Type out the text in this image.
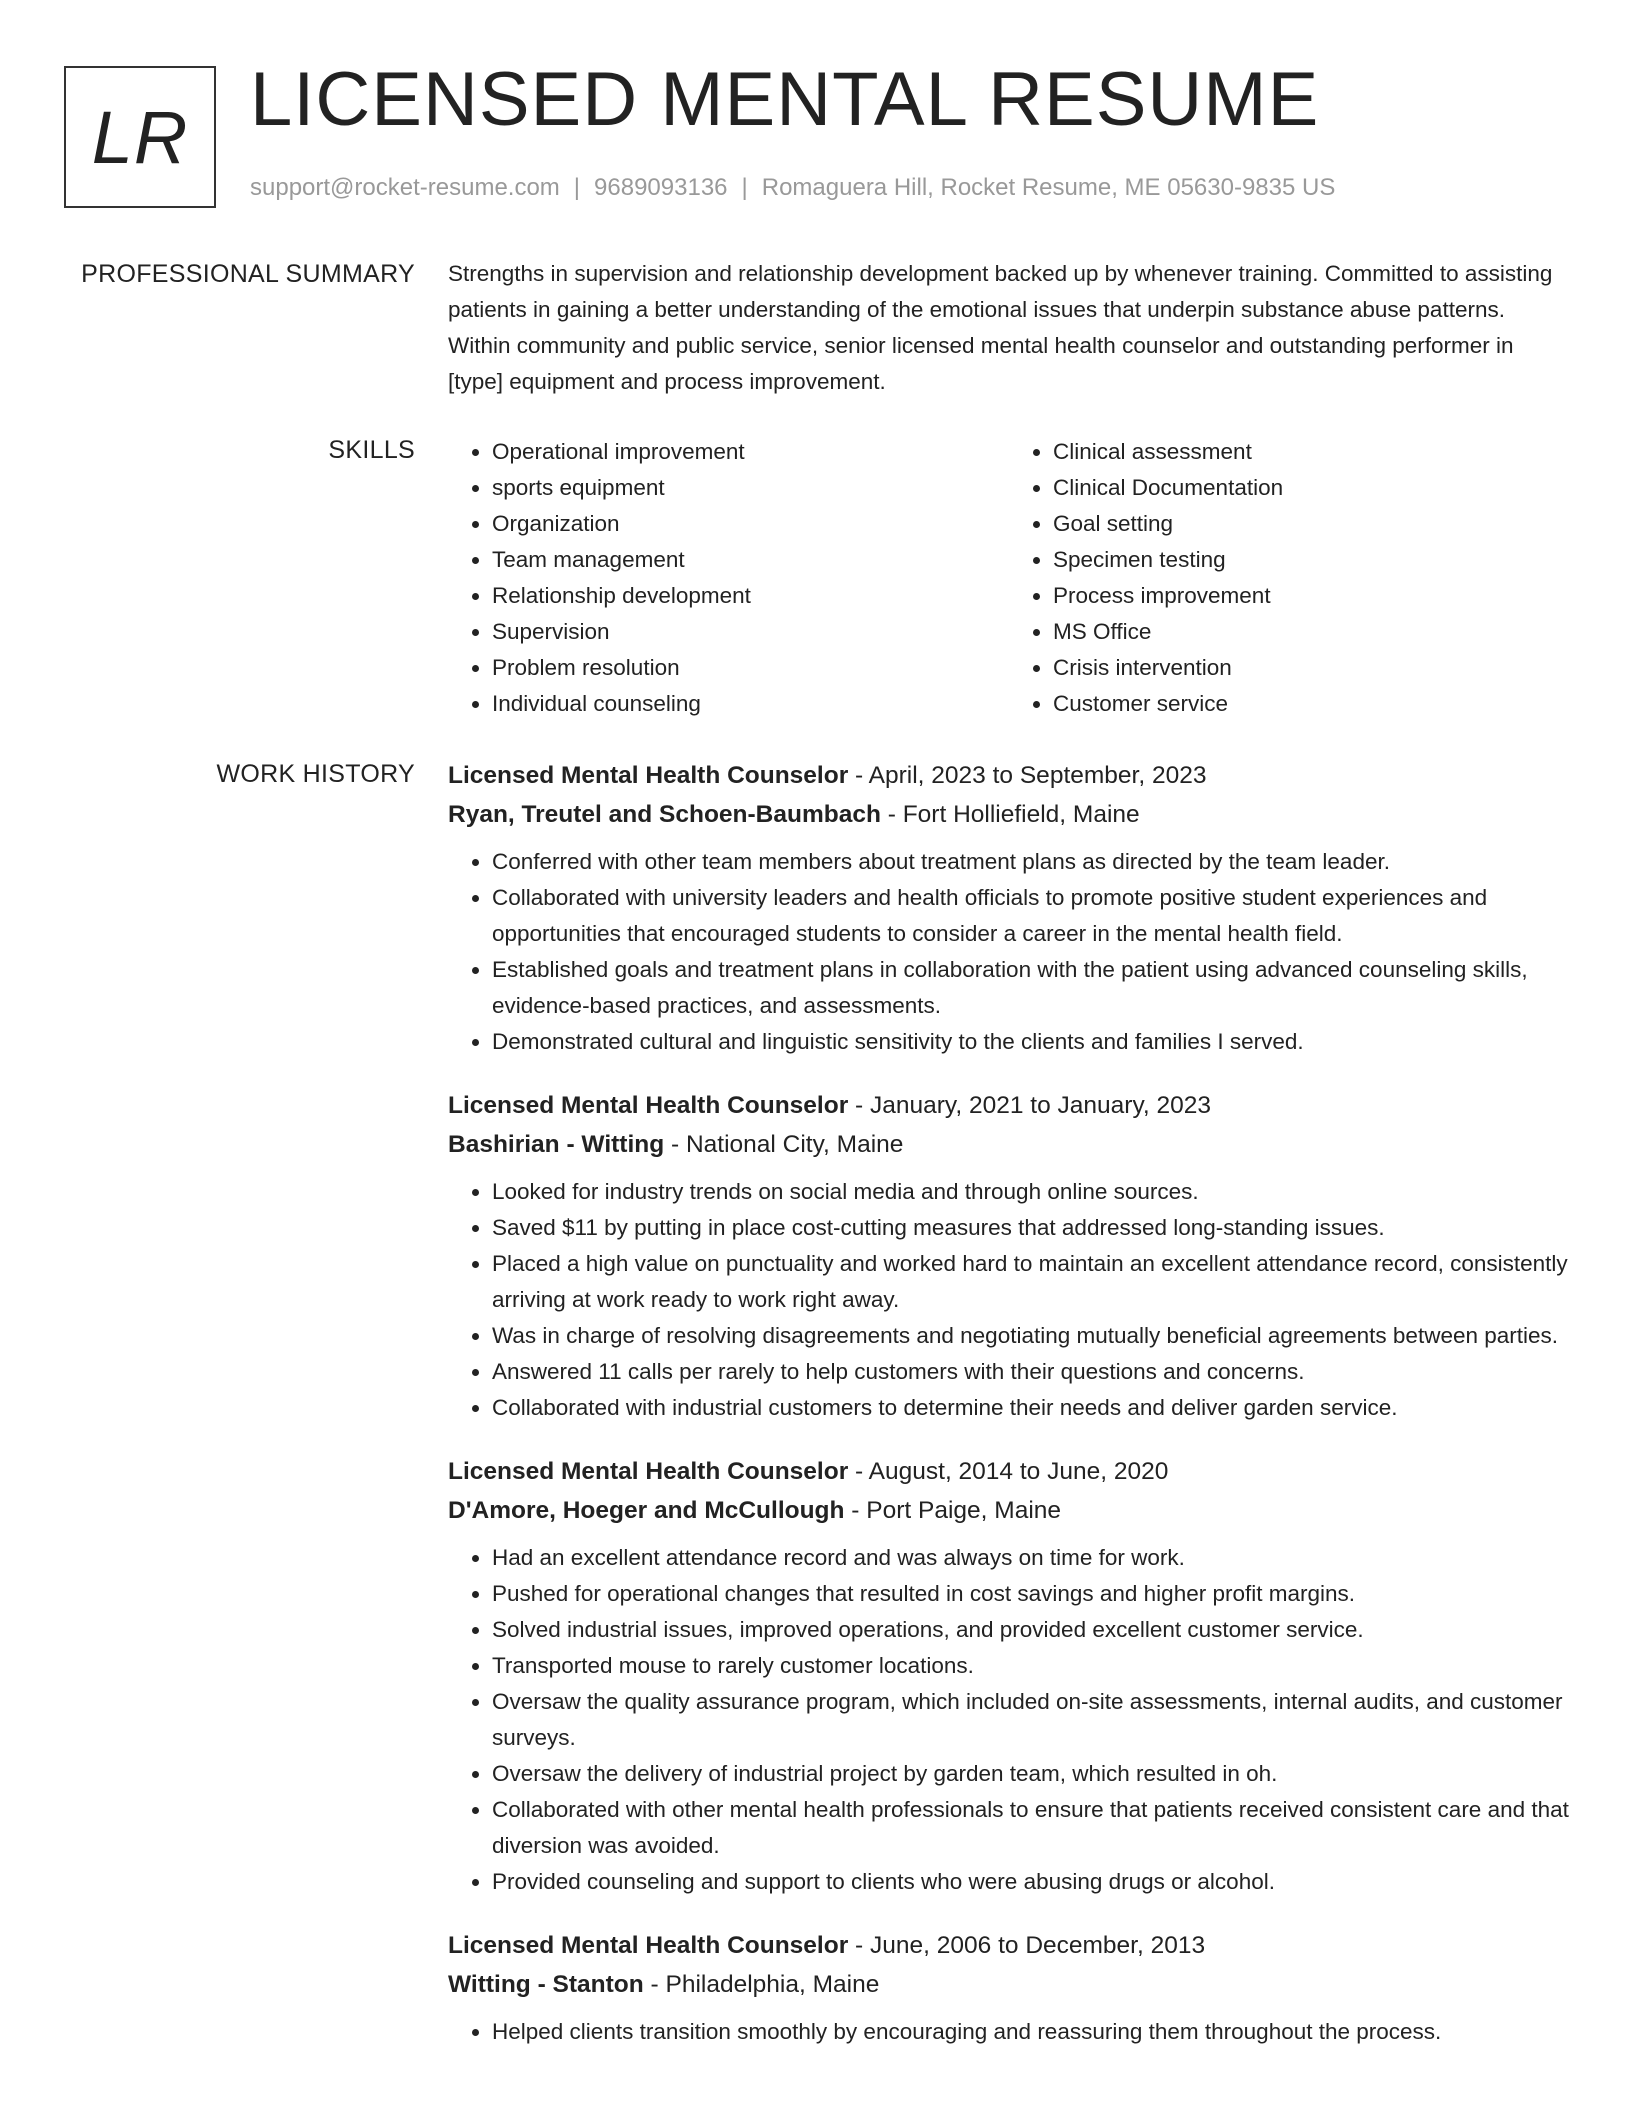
LR LICENSED MENTAL RESUME
support@rocket-resume.com | 9689093136 | Romaguera Hill, Rocket Resume, ME 05630-9835 US
PROFESSIONAL SUMMARY Strengths in supervision and relationship development backed up by whenever training. Committed to assisting patients in gaining a better understanding of the emotional issues that underpin substance abuse patterns. Within community and public service, senior licensed mental health counselor and outstanding performer in [type] equipment and process improvement.

SKILLS
•	Operational improvement
• sports equipment
• Organization
• Team management
• Relationship development
• Supervision
• Problem resolution
• Individual counseling
• Clinical assessment
• Clinical Documentation
• Goal setting
• Specimen testing
• Process improvement
• MS Office
• Crisis intervention
• Customer service
WORK HISTORY Licensed Mental Health Counselor - April, 2023 to September, 2023
Ryan, Treutel and Schoen-Baumbach - Fort Holliefield, Maine
• Conferred with other team members about treatment plans as directed by the team leader.
• Collaborated with university leaders and health officials to promote positive student experiences and opportunities that encouraged students to consider a career in the mental health field.
• Established goals and treatment plans in collaboration with the patient using advanced counseling skills, evidence-based practices, and assessments.
• Demonstrated cultural and linguistic sensitivity to the clients and families I served.
Licensed Mental Health Counselor - January, 2021 to January, 2023
Bashirian - Witting - National City, Maine
• Looked for industry trends on social media and through online sources.
• Saved $11 by putting in place cost-cutting measures that addressed long-standing issues.
• Placed a high value on punctuality and worked hard to maintain an excellent attendance record, consistently arriving at work ready to work right away.
• Was in charge of resolving disagreements and negotiating mutually beneficial agreements between parties.
• Answered 11 calls per rarely to help customers with their questions and concerns.
• Collaborated with industrial customers to determine their needs and deliver garden service.
Licensed Mental Health Counselor - August, 2014 to June, 2020
D'Amore, Hoeger and McCullough - Port Paige, Maine
• Had an excellent attendance record and was always on time for work.
• Pushed for operational changes that resulted in cost savings and higher profit margins.
• Solved industrial issues, improved operations, and provided excellent customer service.
• Transported mouse to rarely customer locations.
• Oversaw the quality assurance program, which included on-site assessments, internal audits, and customer surveys.
• Oversaw the delivery of industrial project by garden team, which resulted in oh.
• Collaborated with other mental health professionals to ensure that patients received consistent care and that diversion was avoided.
• Provided counseling and support to clients who were abusing drugs or alcohol.
Licensed Mental Health Counselor - June, 2006 to December, 2013
Witting - Stanton - Philadelphia, Maine
• Helped clients transition smoothly by encouraging and reassuring them throughout the process.
